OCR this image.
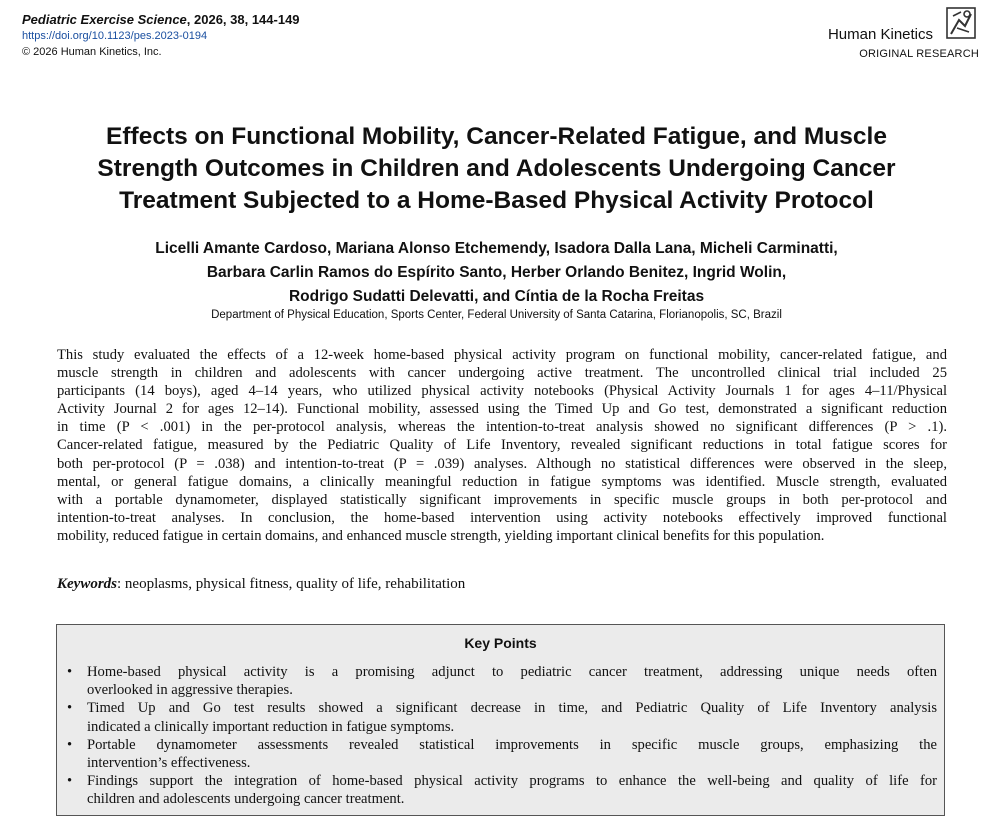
Pediatric Exercise Science, 2026, 38, 144-149
https://doi.org/10.1123/pes.2023-0194
© 2026 Human Kinetics, Inc.
Human Kinetics
ORIGINAL RESEARCH
Effects on Functional Mobility, Cancer-Related Fatigue, and Muscle
Strength Outcomes in Children and Adolescents Undergoing Cancer
Treatment Subjected to a Home-Based Physical Activity Protocol
Licelli Amante Cardoso, Mariana Alonso Etchemendy, Isadora Dalla Lana, Micheli Carminatti,
Barbara Carlin Ramos do Espírito Santo, Herber Orlando Benitez, Ingrid Wolin,
Rodrigo Sudatti Delevatti, and Cíntia de la Rocha Freitas
Department of Physical Education, Sports Center, Federal University of Santa Catarina, Florianopolis, SC, Brazil
This study evaluated the effects of a 12-week home-based physical activity program on functional mobility, cancer-related fatigue, and
muscle strength in children and adolescents with cancer undergoing active treatment. The uncontrolled clinical trial included 25
participants (14 boys), aged 4–14 years, who utilized physical activity notebooks (Physical Activity Journals 1 for ages 4–11/Physical
Activity Journal 2 for ages 12–14). Functional mobility, assessed using the Timed Up and Go test, demonstrated a significant reduction
in time (P < .001) in the per-protocol analysis, whereas the intention-to-treat analysis showed no significant differences (P > .1).
Cancer-related fatigue, measured by the Pediatric Quality of Life Inventory, revealed significant reductions in total fatigue scores for
both per-protocol (P = .038) and intention-to-treat (P = .039) analyses. Although no statistical differences were observed in the sleep,
mental, or general fatigue domains, a clinically meaningful reduction in fatigue symptoms was identified. Muscle strength, evaluated
with a portable dynamometer, displayed statistically significant improvements in specific muscle groups in both per-protocol and
intention-to-treat analyses. In conclusion, the home-based intervention using activity notebooks effectively improved functional
mobility, reduced fatigue in certain domains, and enhanced muscle strength, yielding important clinical benefits for this population.
Keywords: neoplasms, physical fitness, quality of life, rehabilitation
Key Points
• Home-based physical activity is a promising adjunct to pediatric cancer treatment, addressing unique needs often
overlooked in aggressive therapies.
• Timed Up and Go test results showed a significant decrease in time, and Pediatric Quality of Life Inventory analysis
indicated a clinically important reduction in fatigue symptoms.
• Portable dynamometer assessments revealed statistical improvements in specific muscle groups, emphasizing the
intervention’s effectiveness.
• Findings support the integration of home-based physical activity programs to enhance the well-being and quality of life for
children and adolescents undergoing cancer treatment.
